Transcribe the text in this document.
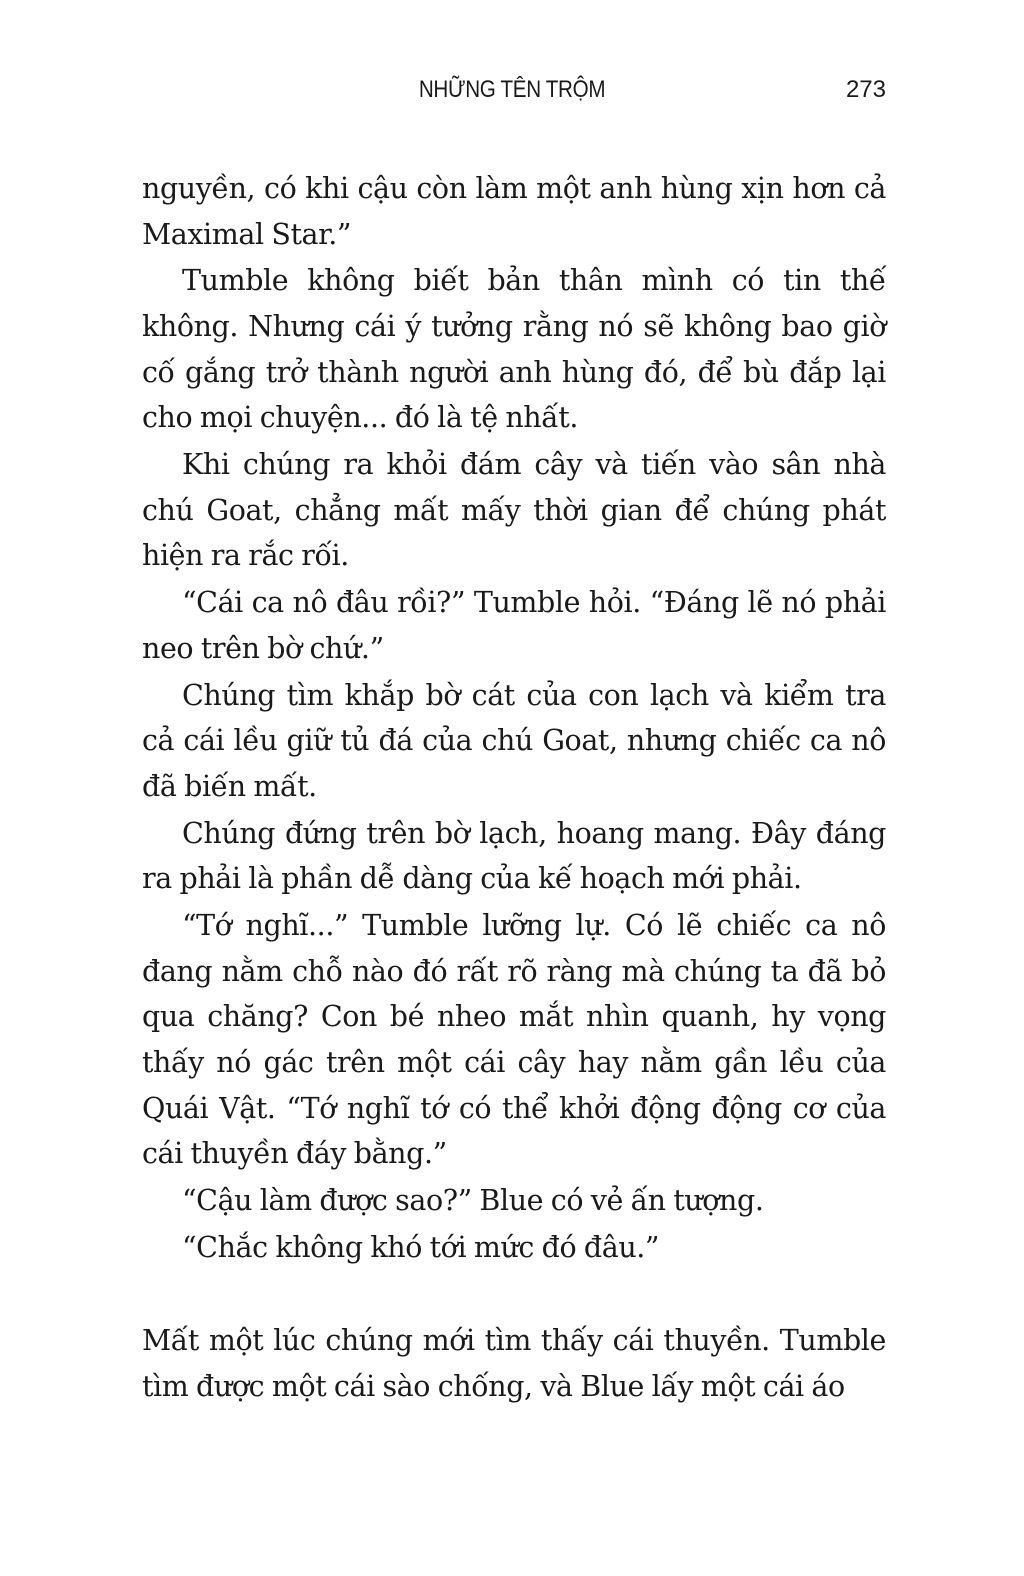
NHỮNG TÊN TRỘM	273

nguyền, có khi cậu còn làm một anh hùng xịn hơn cả Maximal Star.”

Tumble không biết bản thân mình có tin thế không. Nhưng cái ý tưởng rằng nó sẽ không bao giờ cố gắng trở thành người anh hùng đó, để bù đắp lại cho mọi chuyện... đó là tệ nhất.

Khi chúng ra khỏi đám cây và tiến vào sân nhà chú Goat, chẳng mất mấy thời gian để chúng phát hiện ra rắc rối.

“Cái ca nô đâu rồi?” Tumble hỏi. “Đáng lẽ nó phải neo trên bờ chứ.”

Chúng tìm khắp bờ cát của con lạch và kiểm tra cả cái lều giữ tủ đá của chú Goat, nhưng chiếc ca nô đã biến mất.

Chúng đứng trên bờ lạch, hoang mang. Đây đáng ra phải là phần dễ dàng của kế hoạch mới phải.

“Tớ nghĩ...” Tumble lưỡng lự. Có lẽ chiếc ca nô đang nằm chỗ nào đó rất rõ ràng mà chúng ta đã bỏ qua chăng? Con bé nheo mắt nhìn quanh, hy vọng thấy nó gác trên một cái cây hay nằm gần lều của Quái Vật. “Tớ nghĩ tớ có thể khởi động động cơ của cái thuyền đáy bằng.”

“Cậu làm được sao?” Blue có vẻ ấn tượng.

“Chắc không khó tới mức đó đâu.”

Mất một lúc chúng mới tìm thấy cái thuyền. Tumble tìm được một cái sào chống, và Blue lấy một cái áo
